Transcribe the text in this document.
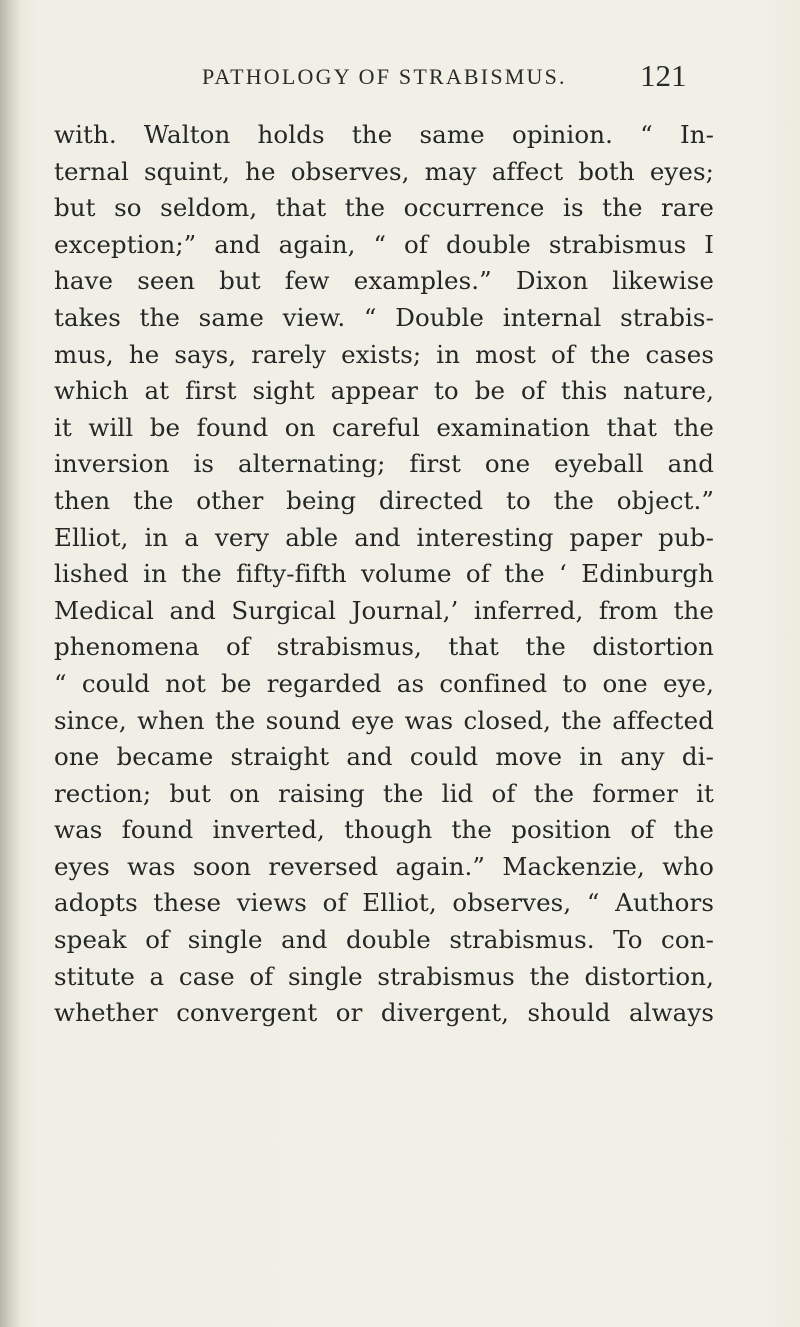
PATHOLOGY OF STRABISMUS. 121
with. Walton holds the same opinion. “ In-
ternal squint, he observes, may affect both eyes;
but so seldom, that the occurrence is the rare
exception;” and again, “ of double strabismus I
have seen but few examples.” Dixon likewise
takes the same view. “ Double internal strabis-
mus, he says, rarely exists; in most of the cases
which at first sight appear to be of this nature,
it will be found on careful examination that the
inversion is alternating; first one eyeball and
then the other being directed to the object.”
Elliot, in a very able and interesting paper pub-
lished in the fifty-fifth volume of the ‘ Edinburgh
Medical and Surgical Journal,’ inferred, from the
phenomena of strabismus, that the distortion
“ could not be regarded as confined to one eye,
since, when the sound eye was closed, the affected
one became straight and could move in any di-
rection; but on raising the lid of the former it
was found inverted, though the position of the
eyes was soon reversed again.” Mackenzie, who
adopts these views of Elliot, observes, “ Authors
speak of single and double strabismus. To con-
stitute a case of single strabismus the distortion,
whether convergent or divergent, should always
